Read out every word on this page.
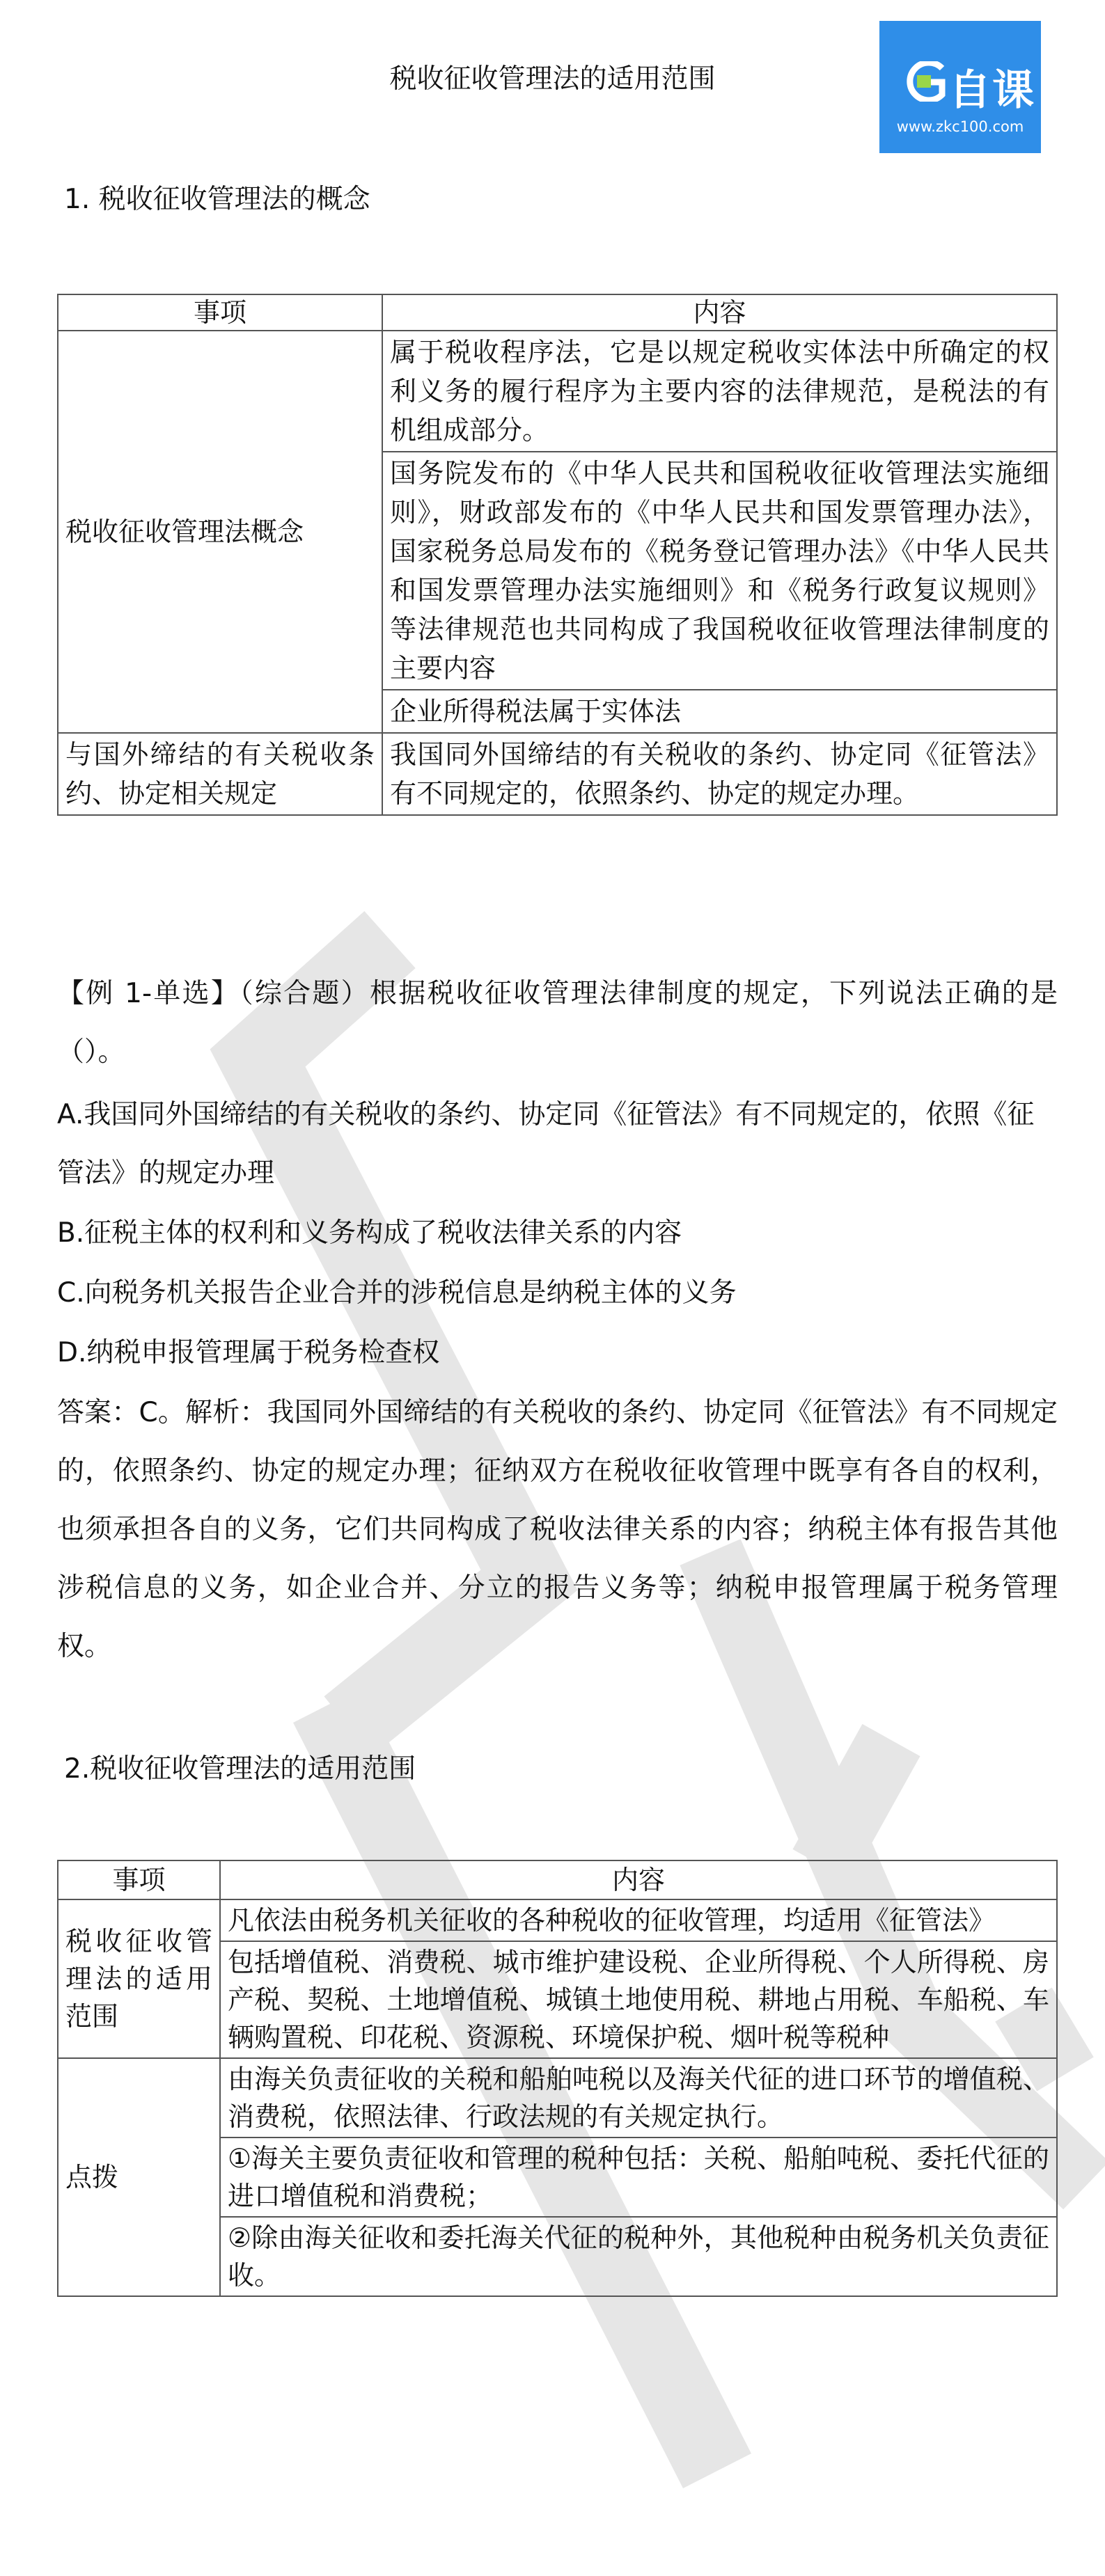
税收征收管理法的适用范围	自课
www.zkc100.com
1. 税收征收管理法的概念
事项	内容
税收征收管理法概念	属于税收程序法，它是以规定税收实体法中所确定的权利义务的履行程序为主要内容的法律规范，是税法的有机组成部分。
	国务院发布的《中华人民共和国税收征收管理法实施细则》，财政部发布的《中华人民共和国发票管理办法》，国家税务总局发布的《税务登记管理办法》《中华人民共和国发票管理办法实施细则》和《税务行政复议规则》等法律规范也共同构成了我国税收征收管理法律制度的主要内容
	企业所得税法属于实体法
与国外缔结的有关税收条约、协定相关规定	我国同外国缔结的有关税收的条约、协定同《征管法》有不同规定的，依照条约、协定的规定办理。
【例 1-单选】（综合题）根据税收征收管理法律制度的规定，下列说法正确的是（）。
A.我国同外国缔结的有关税收的条约、协定同《征管法》有不同规定的，依照《征管法》的规定办理
B.征税主体的权利和义务构成了税收法律关系的内容
C.向税务机关报告企业合并的涉税信息是纳税主体的义务
D.纳税申报管理属于税务检查权
答案：C。解析：我国同外国缔结的有关税收的条约、协定同《征管法》有不同规定的，依照条约、协定的规定办理；征纳双方在税收征收管理中既享有各自的权利，也须承担各自的义务，它们共同构成了税收法律关系的内容；纳税主体有报告其他涉税信息的义务，如企业合并、分立的报告义务等；纳税申报管理属于税务管理权。
2.税收征收管理法的适用范围
事项	内容
税收征收管理法的适用范围	凡依法由税务机关征收的各种税收的征收管理，均适用《征管法》
	包括增值税、消费税、城市维护建设税、企业所得税、个人所得税、房产税、契税、土地增值税、城镇土地使用税、耕地占用税、车船税、车辆购置税、印花税、资源税、环境保护税、烟叶税等税种
点拨	由海关负责征收的关税和船舶吨税以及海关代征的进口环节的增值税、消费税，依照法律、行政法规的有关规定执行。
	①海关主要负责征收和管理的税种包括：关税、船舶吨税、委托代征的进口增值税和消费税；
	②除由海关征收和委托海关代征的税种外，其他税种由税务机关负责征收。
